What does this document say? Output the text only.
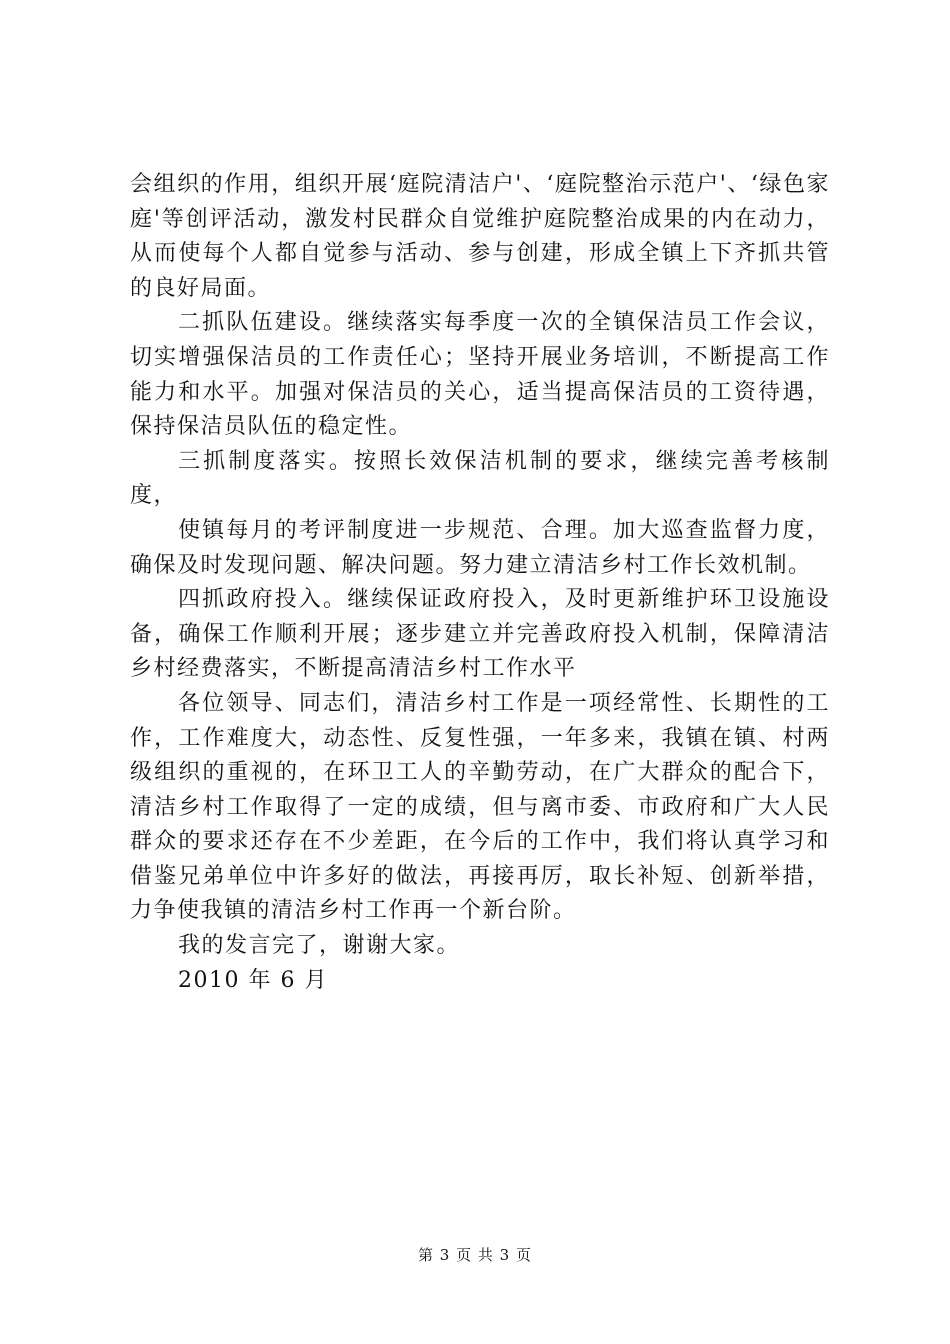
会组织的作用，组织开展‘庭院清洁户'、‘庭院整治示范户'、‘绿色家庭'等创评活动，激发村民群众自觉维护庭院整治成果的内在动力，从而使每个人都自觉参与活动、参与创建，形成全镇上下齐抓共管的良好局面。

二抓队伍建设。继续落实每季度一次的全镇保洁员工作会议，切实增强保洁员的工作责任心；坚持开展业务培训，不断提高工作能力和水平。加强对保洁员的关心，适当提高保洁员的工资待遇，保持保洁员队伍的稳定性。

三抓制度落实。按照长效保洁机制的要求，继续完善考核制度，

使镇每月的考评制度进一步规范、合理。加大巡查监督力度，确保及时发现问题、解决问题。努力建立清洁乡村工作长效机制。

四抓政府投入。继续保证政府投入，及时更新维护环卫设施设备，确保工作顺利开展；逐步建立并完善政府投入机制，保障清洁乡村经费落实，不断提高清洁乡村工作水平

各位领导、同志们，清洁乡村工作是一项经常性、长期性的工作，工作难度大，动态性、反复性强，一年多来，我镇在镇、村两级组织的重视的，在环卫工人的辛勤劳动，在广大群众的配合下，清洁乡村工作取得了一定的成绩，但与离市委、市政府和广大人民群众的要求还存在不少差距，在今后的工作中，我们将认真学习和借鉴兄弟单位中许多好的做法，再接再厉，取长补短、创新举措，力争使我镇的清洁乡村工作再一个新台阶。

我的发言完了，谢谢大家。

2010 年 6 月

第 3 页 共 3 页
